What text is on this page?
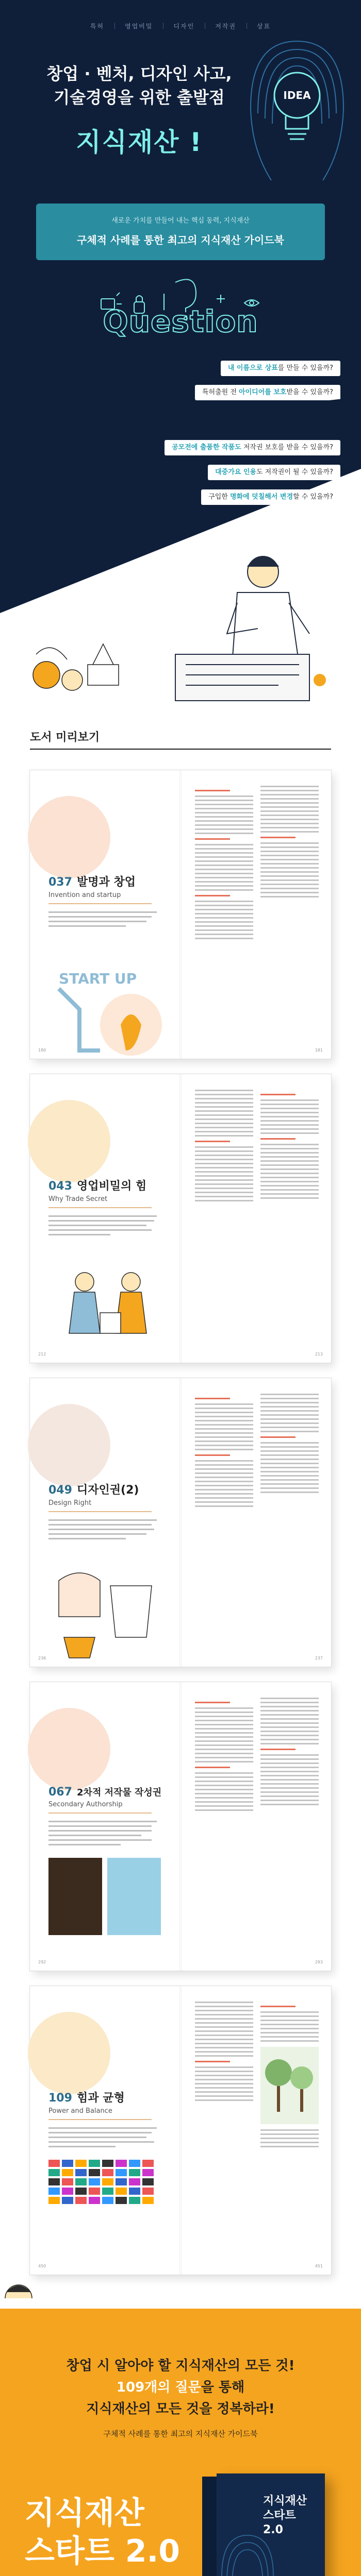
특허	영업비밀	디자인	저작권	상표
창업 · 벤처, 디자인 사고,
기술경영을 위한 출발점
지식재산 !
IDEA
새로운 가치를 만들어 내는 핵심 동력, 지식재산
구체적 사례를 통한 최고의 지식재산 가이드북
Question
내 이름으로 상표를 만들 수 있을까?
특허출원 전 아이디어를 보호받을 수 있을까?
공모전에 출품한 작품도 저작권 보호를 받을 수 있을까?
대중가요 인용도 저작권이 될 수 있을까?
구입한 명화에 덧칠해서 변경할 수 있을까?
도서 미리보기
037 발명과 창업
Invention and startup
START UP
180	181
043 영업비밀의 힘
Why Trade Secret
212	213
049 디자인권(2)
Design Right
236	237
067 2차적 저작물 작성권
Secondary Authorship
292	293
109 힘과 균형
Power and Balance
450	451
창업 시 알아야 할 지식재산의 모든 것!
109개의 질문을 통해
지식재산의 모든 것을 정복하라!
구체적 사례를 통한 최고의 지식재산 가이드북
지식재산
스타트 2.0
지식재산
스타트 2.0
